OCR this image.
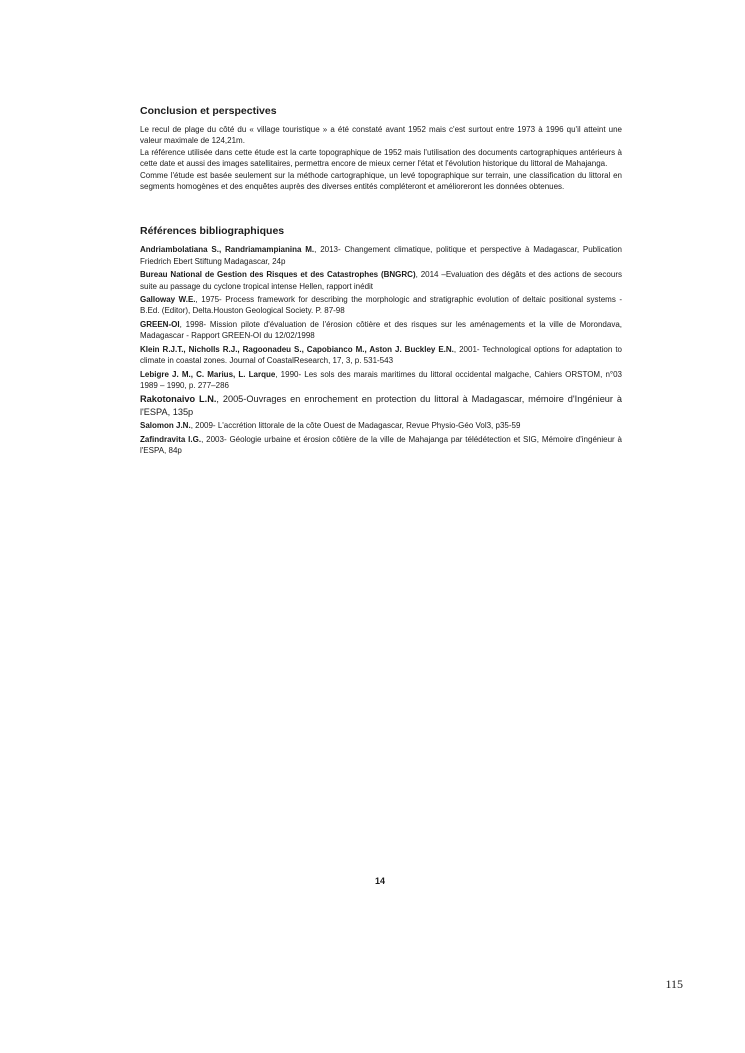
Conclusion et perspectives

Le recul de plage du côté du « village touristique » a été constaté avant 1952 mais c'est surtout entre 1973 à 1996 qu'il atteint une valeur maximale de 124,21m.

La référence utilisée dans cette étude est la carte topographique de 1952 mais l'utilisation des documents cartographiques antérieurs à cette date et aussi des images satellitaires, permettra encore de mieux cerner l'état et l'évolution historique du littoral de Mahajanga.

Comme l'étude est basée seulement sur la méthode cartographique, un levé topographique sur terrain, une classification du littoral en segments homogènes et des enquêtes auprès des diverses entités compléteront et amélioreront les données obtenues.

Références bibliographiques

Andriambolatiana S., Randriamampianina M., 2013- Changement climatique, politique et perspective à Madagascar, Publication Friedrich Ebert Stiftung Madagascar, 24p

Bureau National de Gestion des Risques et des Catastrophes (BNGRC), 2014 –Evaluation des dégâts et des actions de secours suite au passage du cyclone tropical intense Hellen, rapport inédit

Galloway W.E., 1975- Process framework for describing the morphologic and stratigraphic evolution of deltaic positional systems - B.Ed. (Editor), Delta.Houston Geological Society. P. 87-98

GREEN-OI, 1998- Mission pilote d'évaluation de l'érosion côtière et des risques sur les aménagements et la ville de Morondava, Madagascar - Rapport GREEN-OI du 12/02/1998

Klein R.J.T., Nicholls R.J., Ragoonadeu S., Capobianco M., Aston J. Buckley E.N., 2001- Technological options for adaptation to climate in coastal zones. Journal of CoastalResearch, 17, 3, p. 531-543

Lebigre J. M., C. Marius, L. Larque, 1990- Les sols des marais maritimes du littoral occidental malgache, Cahiers ORSTOM, n°03 1989 – 1990, p. 277–286

Rakotonaivo L.N., 2005-Ouvrages en enrochement en protection du littoral à Madagascar, mémoire d'Ingénieur à l'ESPA, 135p

Salomon J.N., 2009- L'accrétion littorale de la côte Ouest de Madagascar, Revue Physio-Géo Vol3, p35-59

Zafindravita I.G., 2003- Géologie urbaine et érosion côtière de la ville de Mahajanga par télédétection et SIG, Mémoire d'ingénieur à l'ESPA, 84p

14
115
